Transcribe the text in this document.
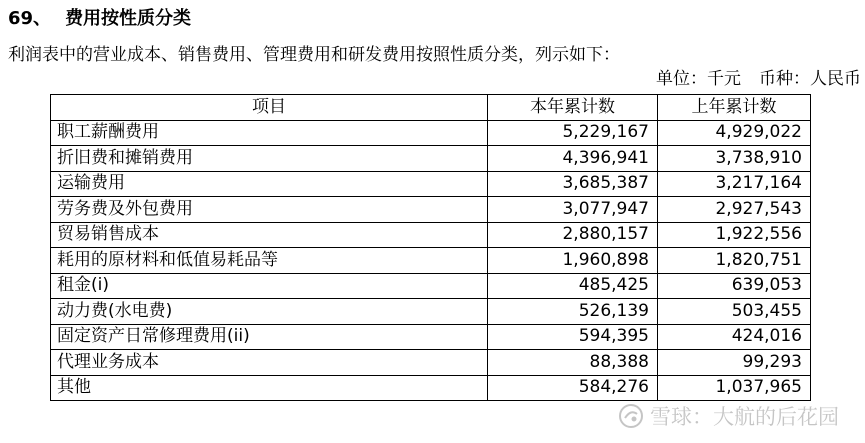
69、 费用按性质分类
利润表中的营业成本、销售费用、管理费用和研发费用按照性质分类，列示如下：
单位：千元 币种：人民币
项目	本年累计数	上年累计数
职工薪酬费用	5,229,167	4,929,022
折旧费和摊销费用	4,396,941	3,738,910
运输费用	3,685,387	3,217,164
劳务费及外包费用	3,077,947	2,927,543
贸易销售成本	2,880,157	1,922,556
耗用的原材料和低值易耗品等	1,960,898	1,820,751
租金(i)	485,425	639,053
动力费(水电费)	526,139	503,455
固定资产日常修理费用(ii)	594,395	424,016
代理业务成本	88,388	99,293
其他	584,276	1,037,965
雪球：大航的后花园
